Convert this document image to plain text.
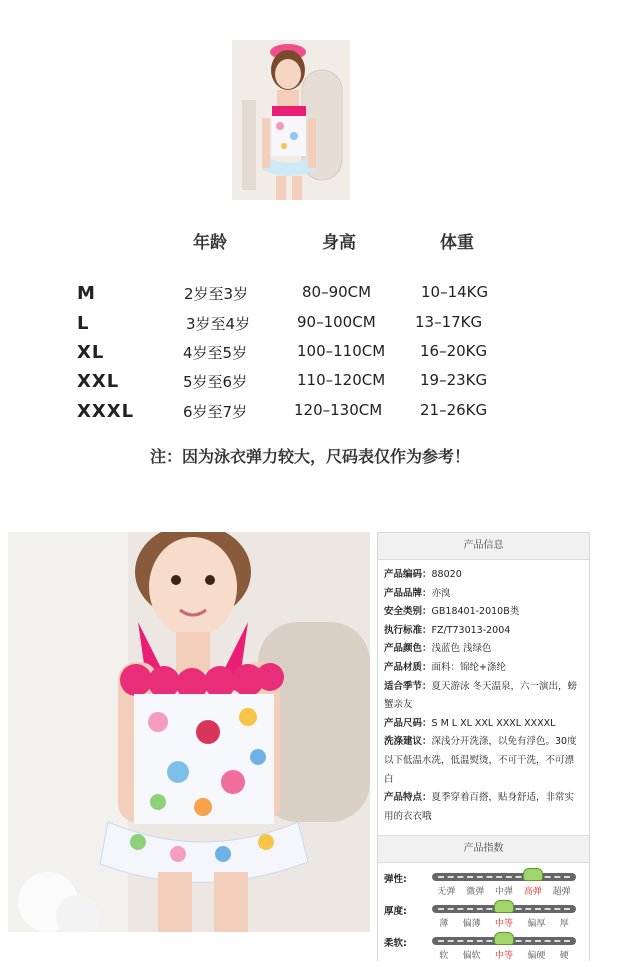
年龄	身高	体重
M	2岁至3岁	80–90CM	10–14KG
L	3岁至4岁	90–100CM	13–17KG
XL	4岁至5岁	100–110CM 16–20KG
XXL	5岁至6岁	110–120CM 19–23KG
XXXL	6岁至7岁	120–130CM	21–26KG
注：因为泳衣弹力较大，尺码表仅作为参考！
产品信息
产品编码：88020
产品品牌：亦溴
安全类别：GB18401-2010B类
执行标准：FZ/T73013-2004
产品颜色：浅蓝色 浅绿色
产品材质：面料：锦纶+涤纶
适合季节：夏天游泳 冬天温泉，六一演出，螃蟹亲友
产品尺码：S M L XL XXL XXXL XXXXL
洗涤建议：深浅分开洗涤，以免有浮色。30度以下低温水洗，低温熨烫，不可干洗，不可漂白
产品特点：夏季穿着百搭，贴身舒适，非常实用的衣衣哦
产品指数
弹性:
无弹 微弹 中弹 高弹 超弹
厚度:
薄 偏薄 中等 偏厚 厚
柔软:
软 偏软 中等 偏硬 硬
